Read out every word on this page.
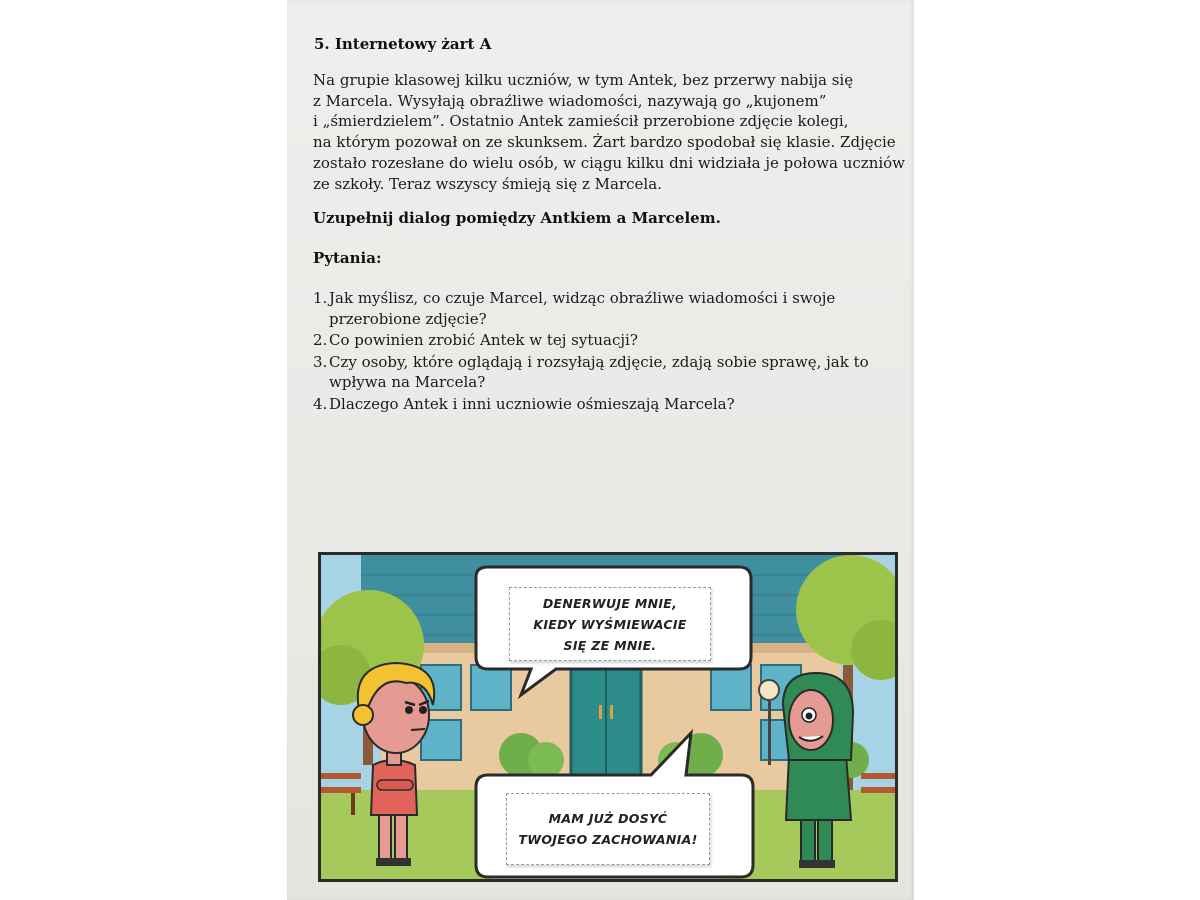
5. Internetowy żart A

Na grupie klasowej kilku uczniów, w tym Antek, bez przerwy nabija się
z Marcela. Wysyłają obraźliwe wiadomości, nazywają go „kujonem”
i „śmierdzielem”. Ostatnio Antek zamieścił przerobione zdjęcie kolegi,
na którym pozował on ze skunksem. Żart bardzo spodobał się klasie. Zdjęcie
zostało rozesłane do wielu osób, w ciągu kilku dni widziała je połowa uczniów
ze szkoły. Teraz wszyscy śmieją się z Marcela.

Uzupełnij dialog pomiędzy Antkiem a Marcelem.
Pytania:
1. Jak myślisz, co czuje Marcel, widząc obraźliwe wiadomości i swoje
przerobione zdjęcie?
2. Co powinien zrobić Antek w tej sytuacji?
3. Czy osoby, które oglądają i rozsyłają zdjęcie, zdają sobie sprawę, jak to
wpływa na Marcela?
4. Dlaczego Antek i inni uczniowie ośmieszają Marcela?
DENERWUJE MNIE,
KIEDY WYŚMIEWACIE
SIĘ ZE MNIE.
MAM JUŻ DOSYĆ
TWOJEGO ZACHOWANIA!
